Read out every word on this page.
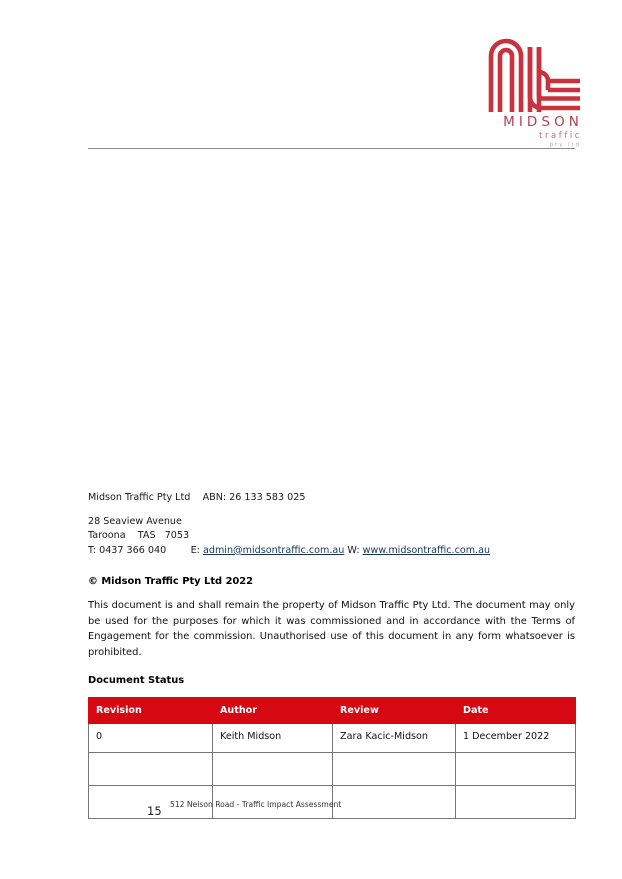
MIDSON
traffic
pty ltd
Midson Traffic Pty Ltd    ABN: 26 133 583 025
28 Seaview Avenue
Taroona    TAS   7053
T: 0437 366 040        E: admin@midsontraffic.com.au W: www.midsontraffic.com.au
© Midson Traffic Pty Ltd 2022
This document is and shall remain the property of Midson Traffic Pty Ltd. The document may only be used for the purposes for which it was commissioned and in accordance with the Terms of Engagement for the commission. Unauthorised use of this document in any form whatsoever is prohibited.
Document Status
Revision	Author	Review	Date
0	Keith Midson	Zara Kacic-Midson	1 December 2022

15 512 Nelson Road - Traffic Impact Assessment
